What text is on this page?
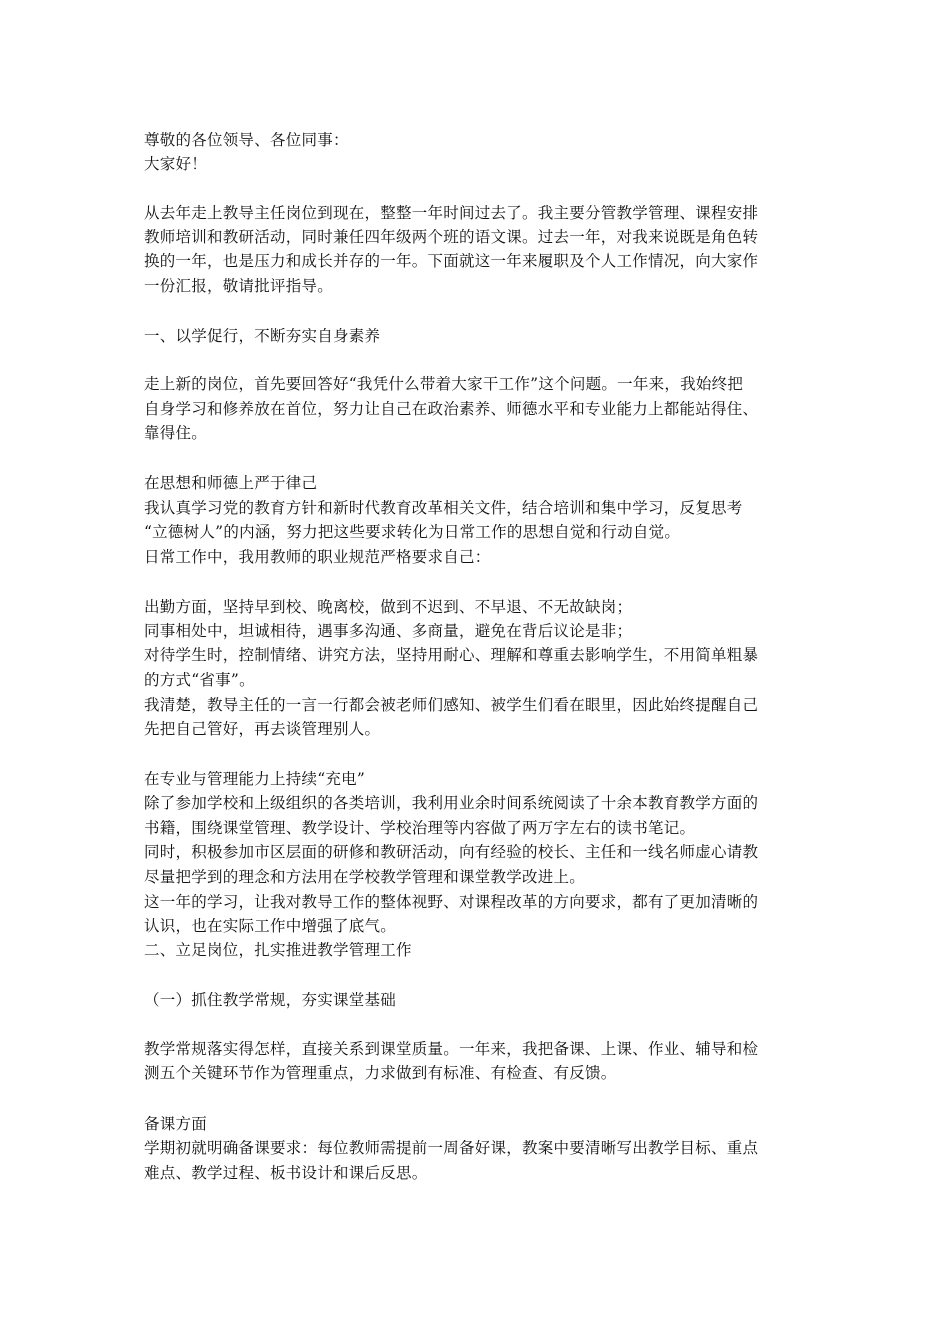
尊敬的各位领导、各位同事：
大家好！
从去年走上教导主任岗位到现在，整整一年时间过去了。我主要分管教学管理、课程安排
教师培训和教研活动，同时兼任四年级两个班的语文课。过去一年，对我来说既是角色转
换的一年，也是压力和成长并存的一年。下面就这一年来履职及个人工作情况，向大家作
一份汇报，敬请批评指导。
一、以学促行，不断夯实自身素养
走上新的岗位，首先要回答好“我凭什么带着大家干工作”这个问题。一年来，我始终把
自身学习和修养放在首位，努力让自己在政治素养、师德水平和专业能力上都能站得住、
靠得住。
在思想和师德上严于律己
我认真学习党的教育方针和新时代教育改革相关文件，结合培训和集中学习，反复思考
“立德树人”的内涵，努力把这些要求转化为日常工作的思想自觉和行动自觉。
日常工作中，我用教师的职业规范严格要求自己：
出勤方面，坚持早到校、晚离校，做到不迟到、不早退、不无故缺岗；
同事相处中，坦诚相待，遇事多沟通、多商量，避免在背后议论是非；
对待学生时，控制情绪、讲究方法，坚持用耐心、理解和尊重去影响学生，不用简单粗暴
的方式“省事”。
我清楚，教导主任的一言一行都会被老师们感知、被学生们看在眼里，因此始终提醒自己
先把自己管好，再去谈管理别人。
在专业与管理能力上持续“充电”
除了参加学校和上级组织的各类培训，我利用业余时间系统阅读了十余本教育教学方面的
书籍，围绕课堂管理、教学设计、学校治理等内容做了两万字左右的读书笔记。
同时，积极参加市区层面的研修和教研活动，向有经验的校长、主任和一线名师虚心请教
尽量把学到的理念和方法用在学校教学管理和课堂教学改进上。
这一年的学习，让我对教导工作的整体视野、对课程改革的方向要求，都有了更加清晰的
认识，也在实际工作中增强了底气。
二、立足岗位，扎实推进教学管理工作
（一）抓住教学常规，夯实课堂基础
教学常规落实得怎样，直接关系到课堂质量。一年来，我把备课、上课、作业、辅导和检
测五个关键环节作为管理重点，力求做到有标准、有检查、有反馈。
备课方面
学期初就明确备课要求：每位教师需提前一周备好课，教案中要清晰写出教学目标、重点
难点、教学过程、板书设计和课后反思。
